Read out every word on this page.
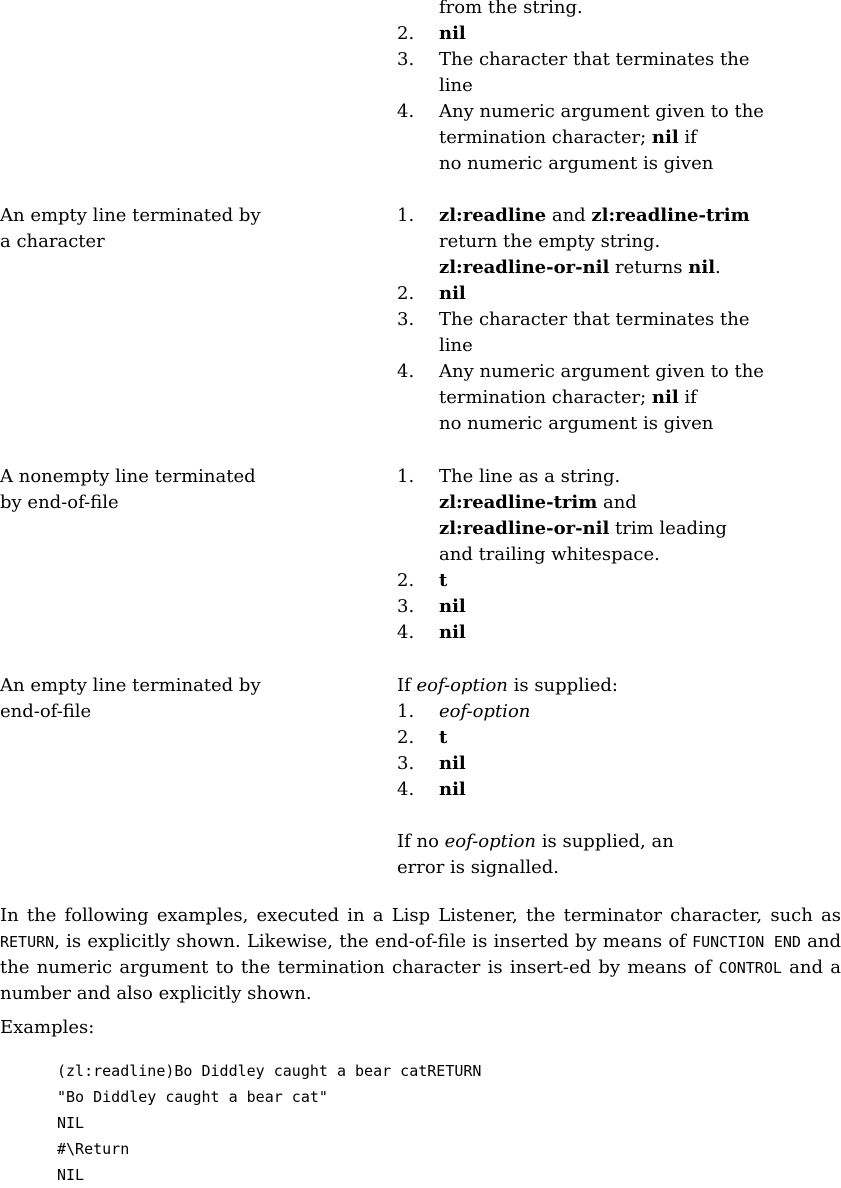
from the string.
2. nil
3. The character that terminates the
line
4. Any numeric argument given to the
termination character; nil if
no numeric argument is given
An empty line terminated by
a character
1. zl:readline and zl:readline-trim
return the empty string.
zl:readline-or-nil returns nil.
2. nil
3. The character that terminates the
line
4. Any numeric argument given to the
termination character; nil if
no numeric argument is given
A nonempty line terminated
by end-of-file
1. The line as a string.
zl:readline-trim and
zl:readline-or-nil trim leading
and trailing whitespace.
2. t
3. nil
4. nil
An empty line terminated by
end-of-file
If eof-option is supplied:
1. eof-option
2. t
3. nil
4. nil
If no eof-option is supplied, an
error is signalled.
In the following examples, executed in a Lisp Listener, the terminator character, such as RETURN, is explicitly shown. Likewise, the end-of-file is inserted by means of FUNCTION END and the numeric argument to the termination character is insert-ed by means of CONTROL and a number and also explicitly shown.
Examples:
(zl:readline)Bo Diddley caught a bear catRETURN
"Bo Diddley caught a bear cat"
NIL
#\Return
NIL
